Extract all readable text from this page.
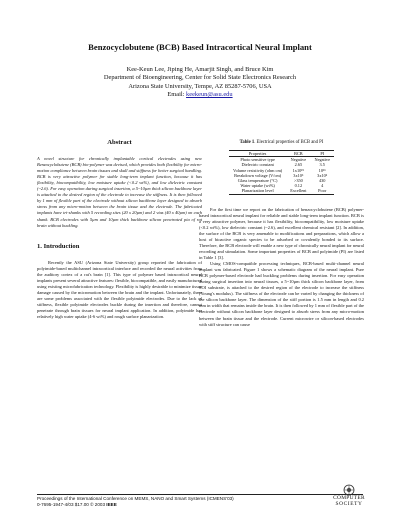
Benzocyclobutene (BCB) Based Intracortical Neural Implant
Kee-Keun Lee, Jiping He, Amarjit Singh, and Bruce Kim
Department of Bioengineering, Center for Solid State Electronics Research
Arizona State University, Tempe, AZ 85287-5706, USA
Email: keekeun@asu.edu
Abstract

A novel structure for chronically implantable cortical electrodes using new Benzocyclobutene (BCB) bio-polymer was devised, which provides both flexibility for micro-motion compliance between brain tissues and skull and stiffness for better surgical handling. BCB is very attractive polymer for stable long-term implant function, because it has flexibility, biocompatibility, low moisture uptake (<0.2 wt%), and low dielectric constant (~2.6). For easy operation during surgical insertion, a 5~10µm thick silicon backbone layer is attached to the desired region of the electrode to increase the stiffness. It is then followed by 1 mm of flexible part of the electrode without silicon backbone layer designed to absorb stress from any micro-motion between the brain tissue and the electrode. The fabricated implants have tri-shanks with 5 recording sites (20 x 20µm) and 2 vias (40 x 40µm) on each shank. BCB electrodes with 5µm and 10µm thick backbone silicon penetrated pia of rat brain without buckling.

1. Introduction

Recently the ASU (Arizona State University) group reported the fabrication of polyimide-based multichannel intracortical interface and recorded the neural activities from the auditory cortex of a rat's brain [1]. This type of polymer based intracortical neural implants present several attractive features: flexible, biocompatible, and easily manufactured using existing microfabrication technology. Flexibility is highly desirable to minimize tissue damage caused by the micromotion between the brain and the implant. Unfortunately, there are some problems associated with the flexible polyimide electrodes. Due to the lack of stiffness, flexible polyimide electrodes buckle during the insertion and therefore, cannot penetrate through brain tissues for neural implant application. In addition, polyimide has relatively high water uptake (4-6 wt%) and rough surface planarization.

Table 1. Electrical properties of BCB and PI
Properties	BCB	PI
Photo sensitive type	Negative	Negative
Dielectric constant	2.65	3.5
Volume resistivity (ohm cm)	1x10¹⁹	10¹⁶
Breakdown voltage (V/cm)	3x10⁶	3x10⁶
Glass temperature (°C)	>350	430
Water uptake (wt%)	0.12	4
Planarization level	Excellent	Poor

For the first time we report on the fabrication of benzocyclobutene (BCB) polymer-based intracortical neural implant for reliable and stable long-term implant function. BCB is a very attractive polymer, because it has flexibility, biocompatibility, low moisture uptake (<0.2 wt%), low dielectric constant (~2.6), and excellent chemical resistant [2]. In addition, the surface of the BCB is very amenable to modifications and preparations, which allow a host of bioactive organic species to be adsorbed or covalently bonded to its surface. Therefore, the BCB electrode will enable a new type of chronically neural implant for neural recording and stimulation. Some important properties of BCB and polyimide (PI) are listed in Table 1 [3].

Using CMOS-compatible processing techniques, BCB-based multi-channel neural implant was fabricated. Figure 1 shows a schematic diagram of the neural implant. Pure BCB polymer-based electrode had buckling problems during insertion. For easy operation during surgical insertion into neural tissues, a 5~10µm thick silicon backbone layer, from SOI substrate, is attached to the desired region of the electrode to increase the stiffness (Young's modulus). The stiffness of the electrode can be varied by changing the thickness of the silicon backbone layer. The dimension of the stiff portion is 1.5 mm in length and 0.2 mm in width that remains inside the brain. It is then followed by 1 mm of flexible part of the electrode without silicon backbone layer designed to absorb stress from any micro-motion between the brain tissue and the electrode. Current microwire or silicon-based electrodes with stiff structure can cause

Proceedings of the International Conference on MEMS, NANO and Smart Systems (ICMENS'03)
0-7695-1947-4/03 $17.00 © 2003 IEEE
COMPUTER
SOCIETY
